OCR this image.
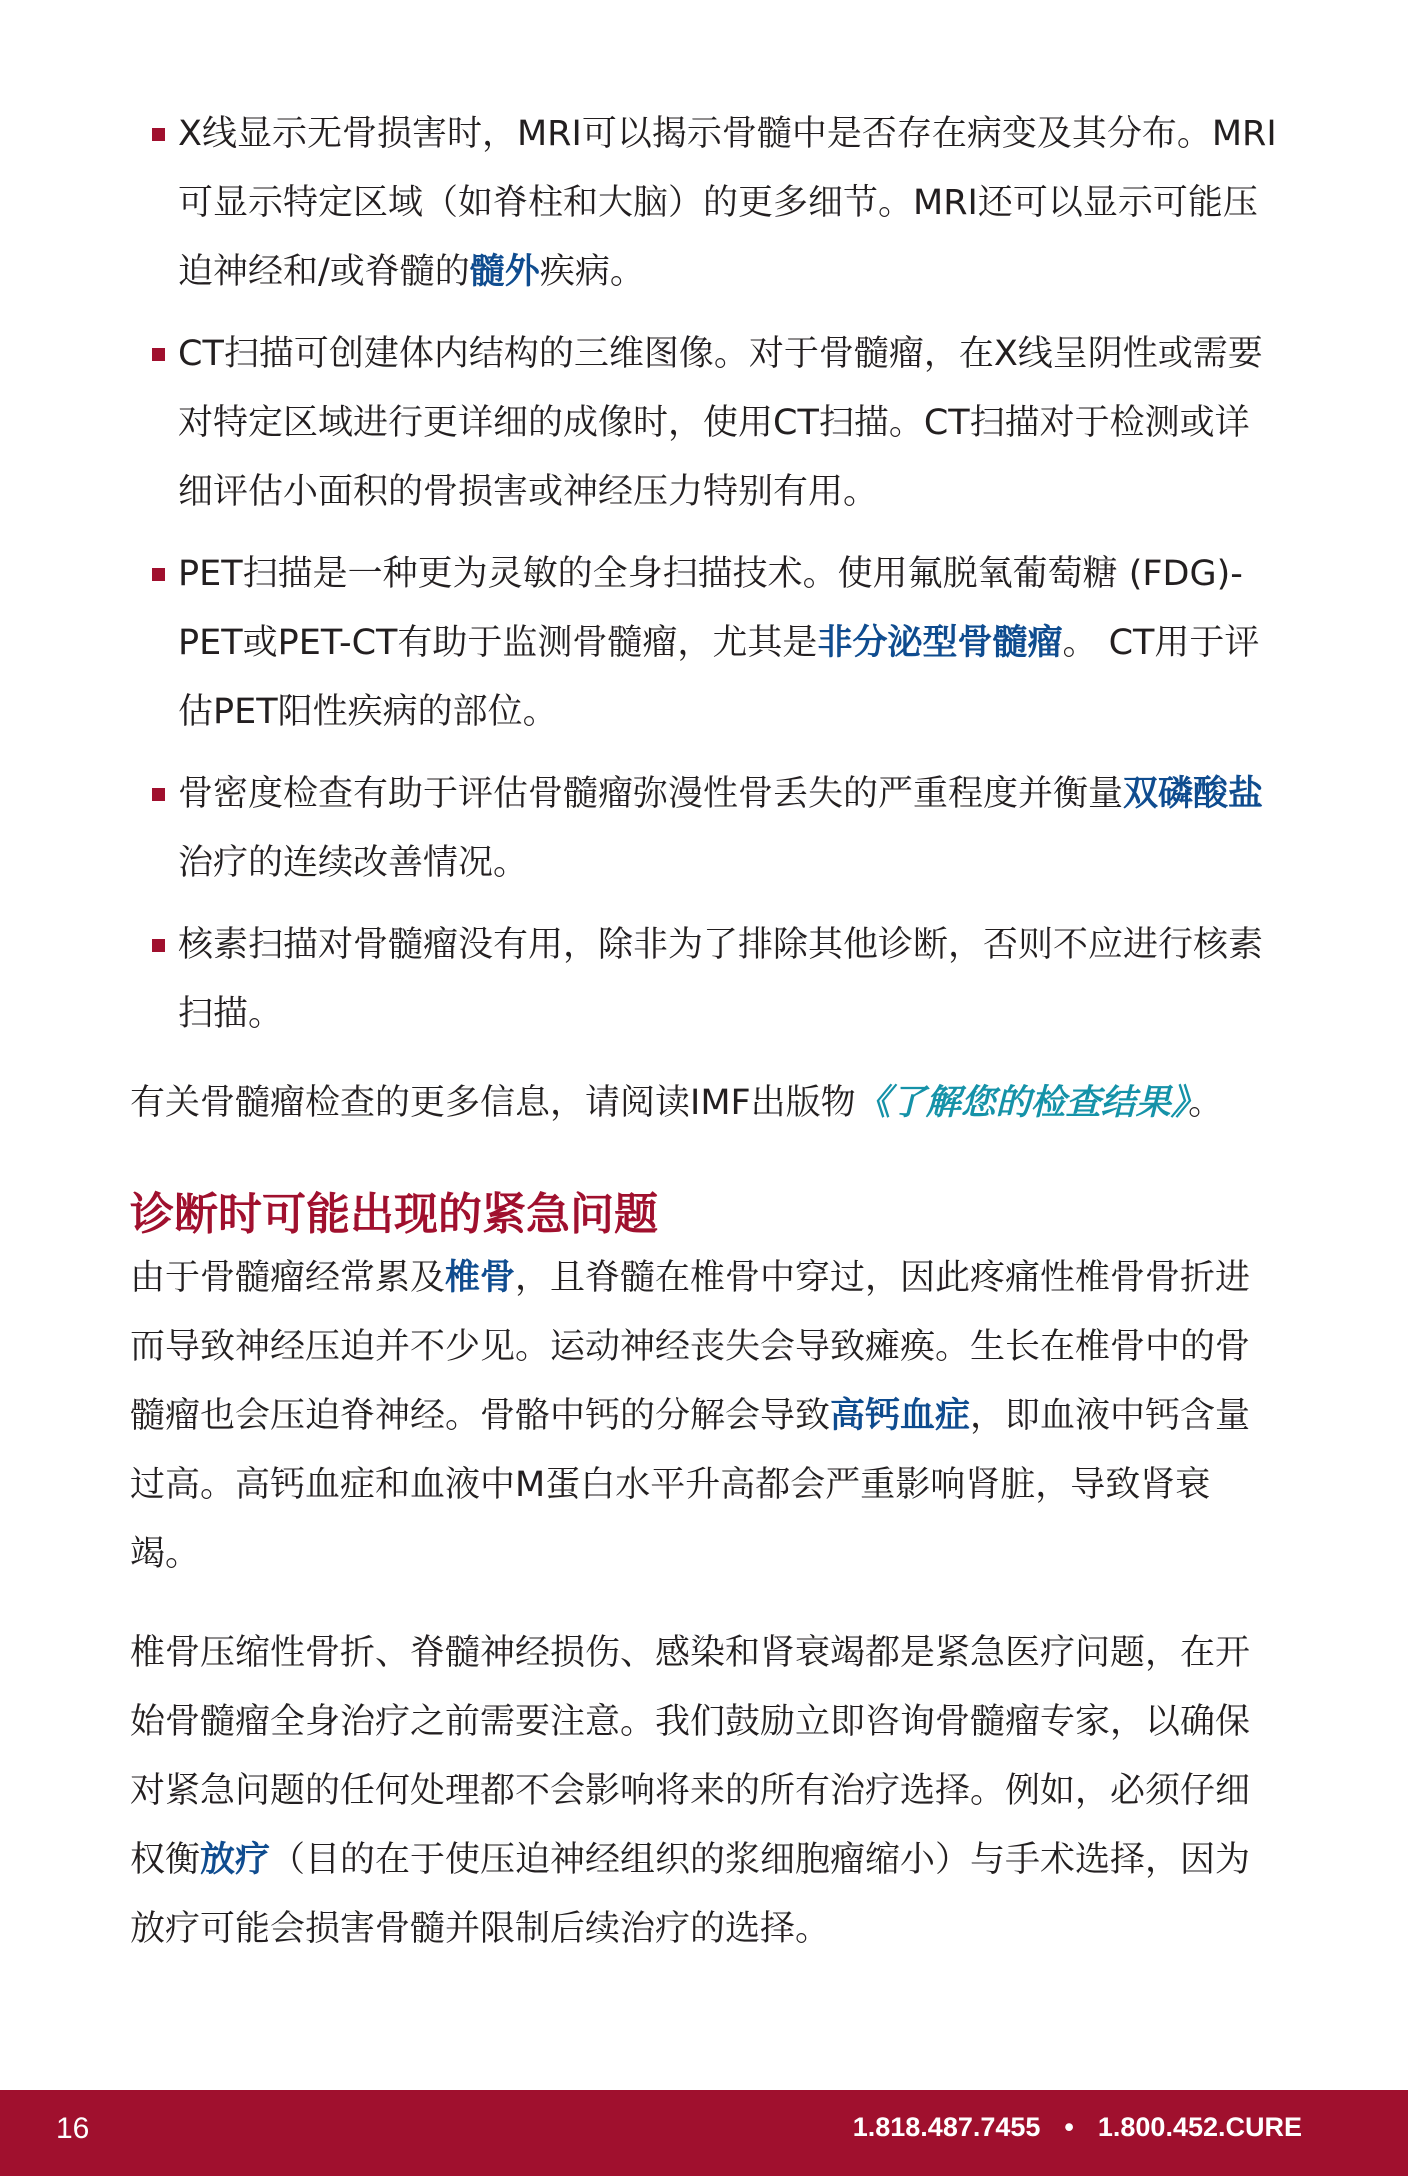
X线显示无骨损害时，MRI可以揭示骨髓中是否存在病变及其分布。MRI可显示特定区域（如脊柱和大脑）的更多细节。MRI还可以显示可能压迫神经和/或脊髓的髓外疾病。
CT扫描可创建体内结构的三维图像。对于骨髓瘤，在X线呈阴性或需要对特定区域进行更详细的成像时，使用CT扫描。CT扫描对于检测或详细评估小面积的骨损害或神经压力特别有用。
PET扫描是一种更为灵敏的全身扫描技术。使用氟脱氧葡萄糖 (FDG)-PET或PET-CT有助于监测骨髓瘤，尤其是非分泌型骨髓瘤。 CT用于评估PET阳性疾病的部位。
骨密度检查有助于评估骨髓瘤弥漫性骨丢失的严重程度并衡量双磷酸盐治疗的连续改善情况。
核素扫描对骨髓瘤没有用，除非为了排除其他诊断，否则不应进行核素扫描。

有关骨髓瘤检查的更多信息，请阅读IMF出版物《了解您的检查结果》。

诊断时可能出现的紧急问题

由于骨髓瘤经常累及椎骨，且脊髓在椎骨中穿过，因此疼痛性椎骨骨折进而导致神经压迫并不少见。运动神经丧失会导致瘫痪。生长在椎骨中的骨髓瘤也会压迫脊神经。骨骼中钙的分解会导致高钙血症，即血液中钙含量过高。高钙血症和血液中M蛋白水平升高都会严重影响肾脏，导致肾衰竭。

椎骨压缩性骨折、脊髓神经损伤、感染和肾衰竭都是紧急医疗问题，在开始骨髓瘤全身治疗之前需要注意。我们鼓励立即咨询骨髓瘤专家，以确保对紧急问题的任何处理都不会影响将来的所有治疗选择。例如，必须仔细权衡放疗（目的在于使压迫神经组织的浆细胞瘤缩小）与手术选择，因为放疗可能会损害骨髓并限制后续治疗的选择。

16	1.818.487.7455 • 1.800.452.CURE
